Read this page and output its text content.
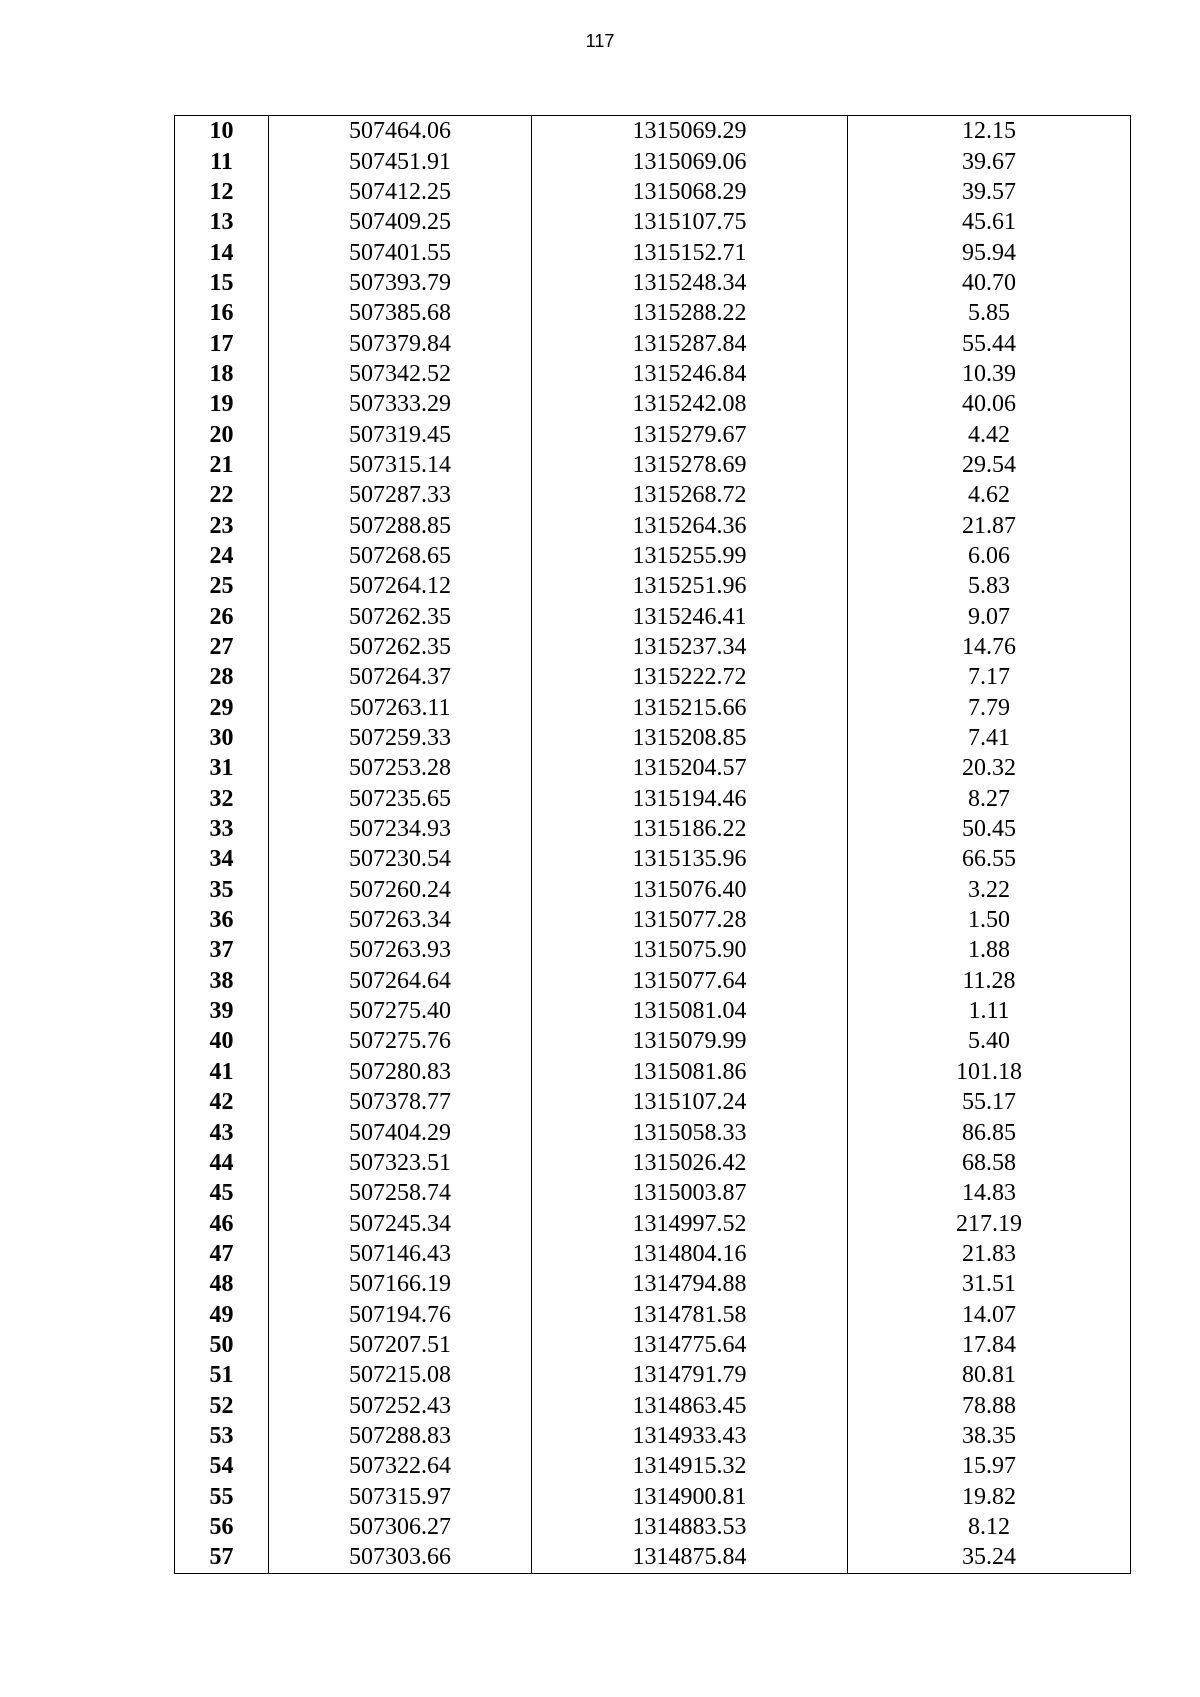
117
10	507464.06	1315069.29	12.15
11	507451.91	1315069.06	39.67
12	507412.25	1315068.29	39.57
13	507409.25	1315107.75	45.61
14	507401.55	1315152.71	95.94
15	507393.79	1315248.34	40.70
16	507385.68	1315288.22	5.85
17	507379.84	1315287.84	55.44
18	507342.52	1315246.84	10.39
19	507333.29	1315242.08	40.06
20	507319.45	1315279.67	4.42
21	507315.14	1315278.69	29.54
22	507287.33	1315268.72	4.62
23	507288.85	1315264.36	21.87
24	507268.65	1315255.99	6.06
25	507264.12	1315251.96	5.83
26	507262.35	1315246.41	9.07
27	507262.35	1315237.34	14.76
28	507264.37	1315222.72	7.17
29	507263.11	1315215.66	7.79
30	507259.33	1315208.85	7.41
31	507253.28	1315204.57	20.32
32	507235.65	1315194.46	8.27
33	507234.93	1315186.22	50.45
34	507230.54	1315135.96	66.55
35	507260.24	1315076.40	3.22
36	507263.34	1315077.28	1.50
37	507263.93	1315075.90	1.88
38	507264.64	1315077.64	11.28
39	507275.40	1315081.04	1.11
40	507275.76	1315079.99	5.40
41	507280.83	1315081.86	101.18
42	507378.77	1315107.24	55.17
43	507404.29	1315058.33	86.85
44	507323.51	1315026.42	68.58
45	507258.74	1315003.87	14.83
46	507245.34	1314997.52	217.19
47	507146.43	1314804.16	21.83
48	507166.19	1314794.88	31.51
49	507194.76	1314781.58	14.07
50	507207.51	1314775.64	17.84
51	507215.08	1314791.79	80.81
52	507252.43	1314863.45	78.88
53	507288.83	1314933.43	38.35
54	507322.64	1314915.32	15.97
55	507315.97	1314900.81	19.82
56	507306.27	1314883.53	8.12
57	507303.66	1314875.84	35.24
